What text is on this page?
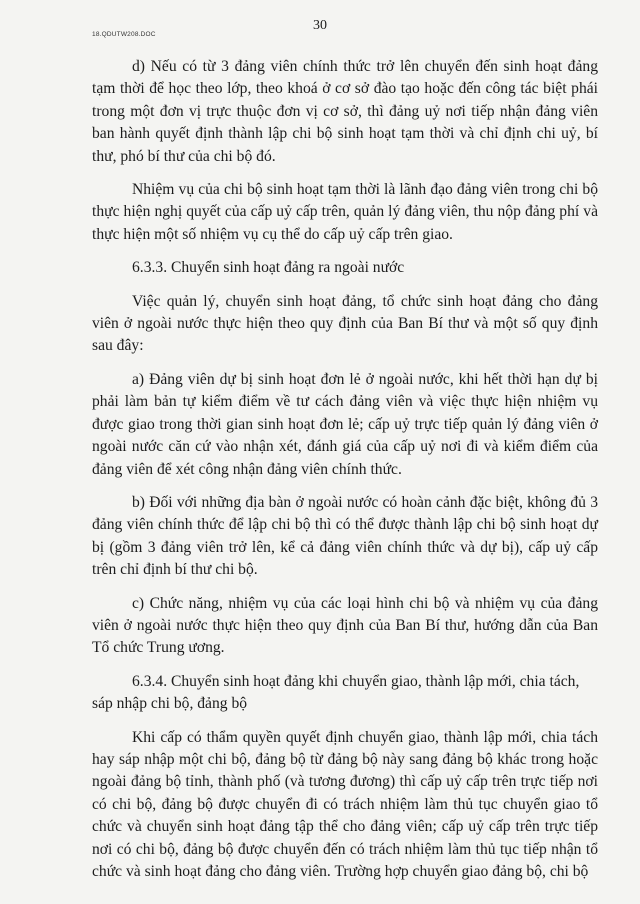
18.QDUTW208.DOC
30

d) Nếu có từ 3 đảng viên chính thức trở lên chuyển đến sinh hoạt đảng tạm thời để học theo lớp, theo khoá ở cơ sở đào tạo hoặc đến công tác biệt phái trong một đơn vị trực thuộc đơn vị cơ sở, thì đảng uỷ nơi tiếp nhận đảng viên ban hành quyết định thành lập chi bộ sinh hoạt tạm thời và chỉ định chi uỷ, bí thư, phó bí thư của chi bộ đó.

Nhiệm vụ của chi bộ sinh hoạt tạm thời là lãnh đạo đảng viên trong chi bộ thực hiện nghị quyết của cấp uỷ cấp trên, quản lý đảng viên, thu nộp đảng phí và thực hiện một số nhiệm vụ cụ thể do cấp uỷ cấp trên giao.

6.3.3. Chuyển sinh hoạt đảng ra ngoài nước

Việc quản lý, chuyển sinh hoạt đảng, tổ chức sinh hoạt đảng cho đảng viên ở ngoài nước thực hiện theo quy định của Ban Bí thư và một số quy định sau đây:

a) Đảng viên dự bị sinh hoạt đơn lẻ ở ngoài nước, khi hết thời hạn dự bị phải làm bản tự kiểm điểm về tư cách đảng viên và việc thực hiện nhiệm vụ được giao trong thời gian sinh hoạt đơn lẻ; cấp uỷ trực tiếp quản lý đảng viên ở ngoài nước căn cứ vào nhận xét, đánh giá của cấp uỷ nơi đi và kiểm điểm của đảng viên để xét công nhận đảng viên chính thức.

b) Đối với những địa bàn ở ngoài nước có hoàn cảnh đặc biệt, không đủ 3 đảng viên chính thức để lập chi bộ thì có thể được thành lập chi bộ sinh hoạt dự bị (gồm 3 đảng viên trở lên, kể cả đảng viên chính thức và dự bị), cấp uỷ cấp trên chỉ định bí thư chi bộ.

c) Chức năng, nhiệm vụ của các loại hình chi bộ và nhiệm vụ của đảng viên ở ngoài nước thực hiện theo quy định của Ban Bí thư, hướng dẫn của Ban Tổ chức Trung ương.

6.3.4. Chuyển sinh hoạt đảng khi chuyển giao, thành lập mới, chia tách, sáp nhập chi bộ, đảng bộ

Khi cấp có thẩm quyền quyết định chuyển giao, thành lập mới, chia tách hay sáp nhập một chi bộ, đảng bộ từ đảng bộ này sang đảng bộ khác trong hoặc ngoài đảng bộ tỉnh, thành phố (và tương đương) thì cấp uỷ cấp trên trực tiếp nơi có chi bộ, đảng bộ được chuyển đi có trách nhiệm làm thủ tục chuyển giao tổ chức và chuyển sinh hoạt đảng tập thể cho đảng viên; cấp uỷ cấp trên trực tiếp nơi có chi bộ, đảng bộ được chuyển đến có trách nhiệm làm thủ tục tiếp nhận tổ chức và sinh hoạt đảng cho đảng viên. Trường hợp chuyển giao đảng bộ, chi bộ
